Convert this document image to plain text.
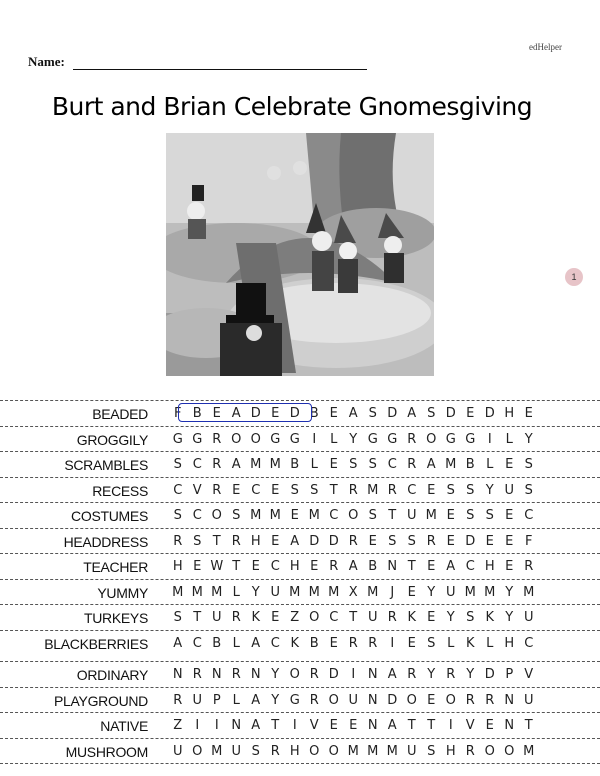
edHelper
Name:
Burt and Brian Celebrate Gnomesgiving
1
BEADED	F B E A D E D B E A S D A S D E D H E
GROGGILY	G G R O O G G I	L Y G G R O G G I	L Y
SCRAMBLES	S C R A M M B L E S S C R A M B L E S
RECESS	C V R E C E S S T R M R C E S S Y U S
COSTUMES	S C O S M M E M C O S T U M E S S E C
HEADDRESS	R S T R H E A D D R E S S R E D E E F
TEACHER	H E W T E C H E R A B N T E A C H E R
YUMMY	M M M L Y U M M M X M J	E Y U M M Y M
TURKEYS	S T U R K E Z O C T U R K E Y S K Y U
BLACKBERRIES	A C B L A C K B E R R	I	E S L K L H C
ORDINARY	N R N R N Y O R D I N A R Y R Y D P V
PLAYGROUND	R U P L A Y G R O U N D O E O R R N U
NATIVE	Z	I	I N A T	I	V E E N A T T	I	V E N T
MUSHROOM	U O M U S R H O O M M M U S H R O O M
